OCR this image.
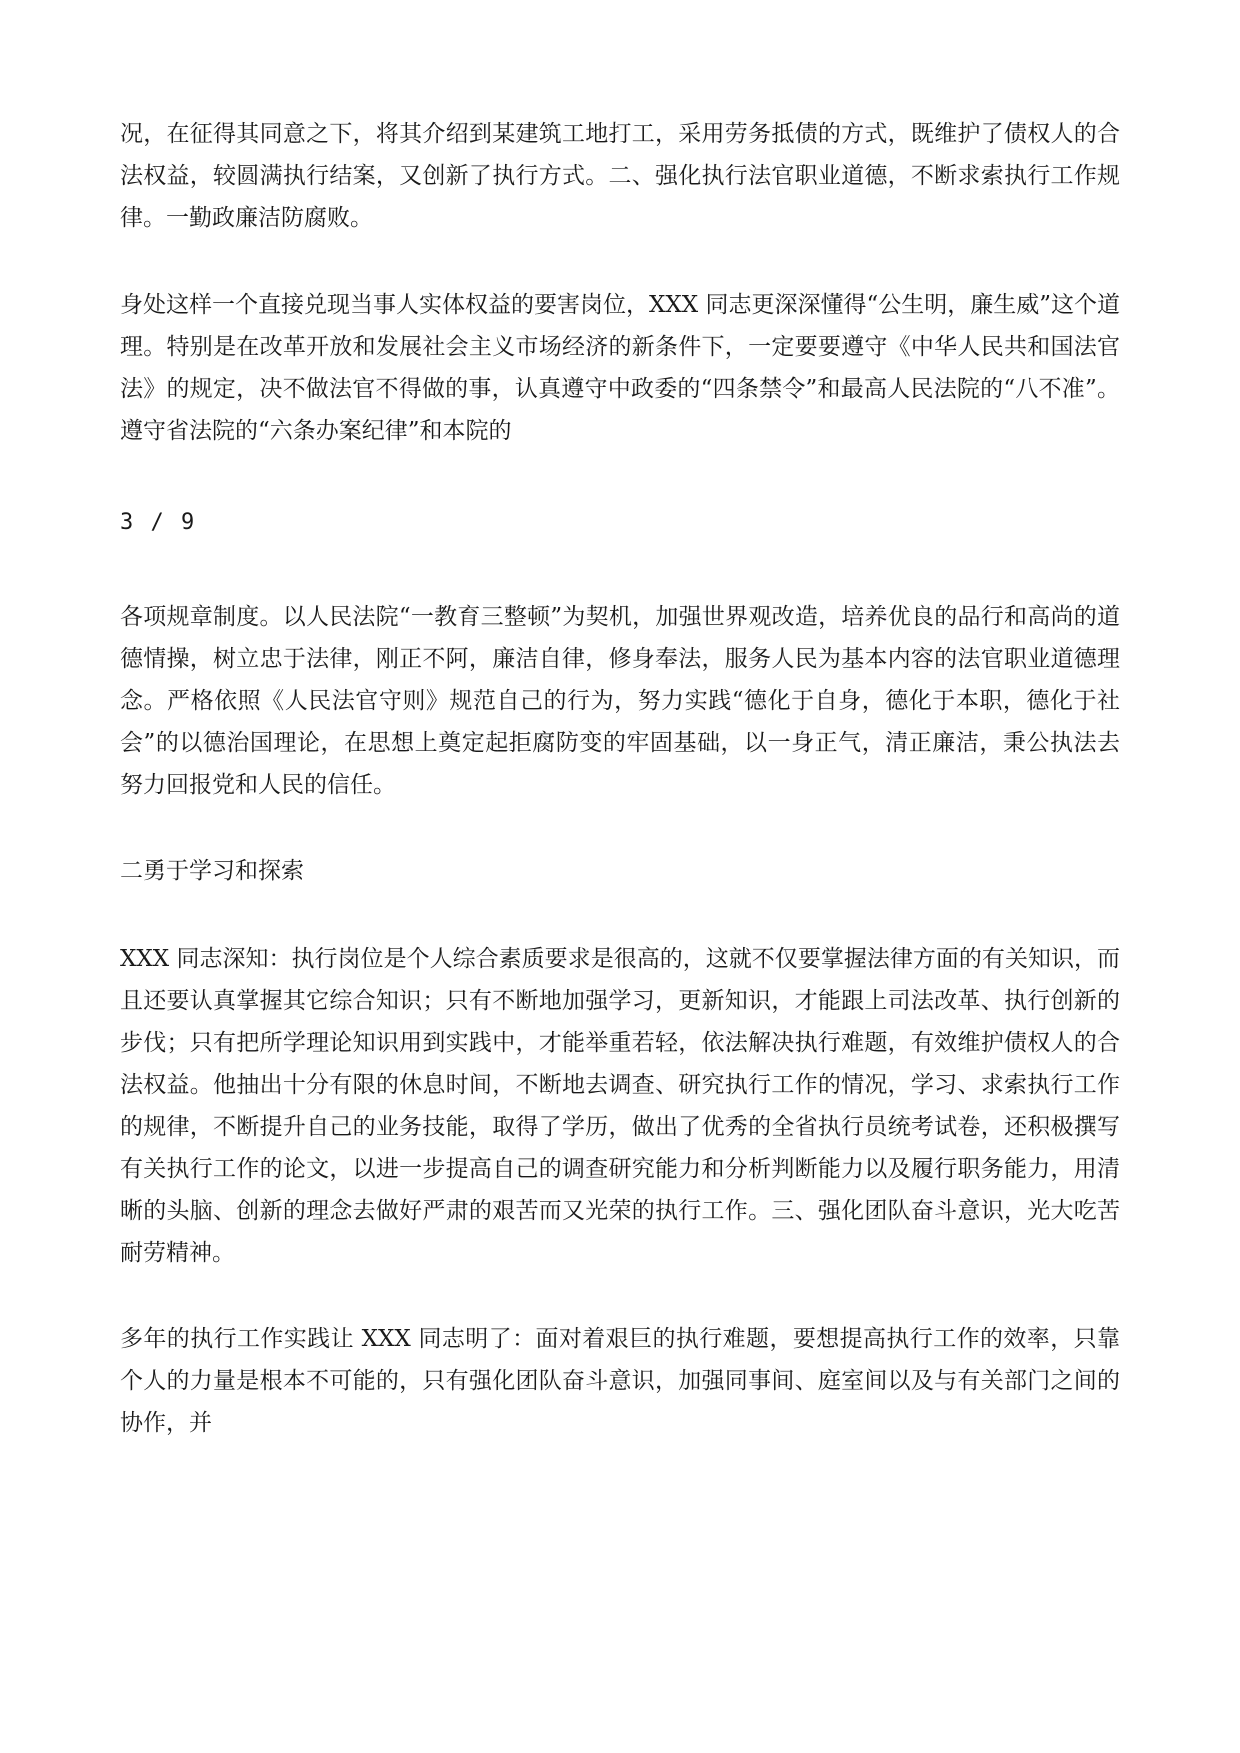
况，在征得其同意之下，将其介绍到某建筑工地打工，采用劳务抵债的方式，既维护了债权人的合法权益，较圆满执行结案，又创新了执行方式。二、强化执行法官职业道德，不断求索执行工作规律。一勤政廉洁防腐败。

身处这样一个直接兑现当事人实体权益的要害岗位，XXX 同志更深深懂得“公生明，廉生威”这个道理。特别是在改革开放和发展社会主义市场经济的新条件下，一定要要遵守《中华人民共和国法官法》的规定，决不做法官不得做的事，认真遵守中政委的“四条禁令”和最高人民法院的“八不准”。遵守省法院的“六条办案纪律”和本院的

3 / 9

各项规章制度。以人民法院“一教育三整顿”为契机，加强世界观改造，培养优良的品行和高尚的道德情操，树立忠于法律，刚正不阿，廉洁自律，修身奉法，服务人民为基本内容的法官职业道德理念。严格依照《人民法官守则》规范自己的行为，努力实践“德化于自身，德化于本职，德化于社会”的以德治国理论，在思想上奠定起拒腐防变的牢固基础，以一身正气，清正廉洁，秉公执法去努力回报党和人民的信任。

二勇于学习和探索

XXX 同志深知：执行岗位是个人综合素质要求是很高的，这就不仅要掌握法律方面的有关知识，而且还要认真掌握其它综合知识；只有不断地加强学习，更新知识，才能跟上司法改革、执行创新的步伐；只有把所学理论知识用到实践中，才能举重若轻，依法解决执行难题，有效维护债权人的合法权益。他抽出十分有限的休息时间，不断地去调查、研究执行工作的情况，学习、求索执行工作的规律，不断提升自己的业务技能，取得了学历，做出了优秀的全省执行员统考试卷，还积极撰写有关执行工作的论文，以进一步提高自己的调查研究能力和分析判断能力以及履行职务能力，用清晰的头脑、创新的理念去做好严肃的艰苦而又光荣的执行工作。三、强化团队奋斗意识，光大吃苦耐劳精神。

多年的执行工作实践让 XXX 同志明了：面对着艰巨的执行难题，要想提高执行工作的效率，只靠个人的力量是根本不可能的，只有强化团队奋斗意识，加强同事间、庭室间以及与有关部门之间的协作，并
